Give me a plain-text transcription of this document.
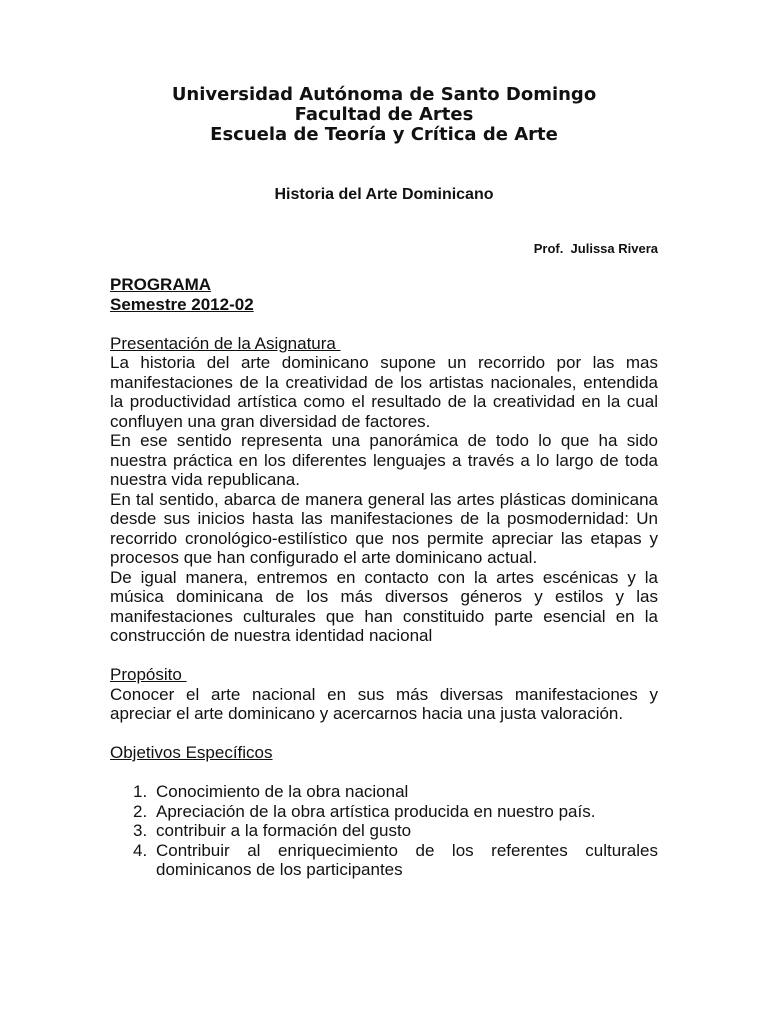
Universidad Autónoma de Santo Domingo
Facultad de Artes
Escuela de Teoría y Crítica de Arte
Historia del Arte Dominicano
Prof.  Julissa Rivera
PROGRAMA
Semestre 2012-02
Presentación de la Asignatura
La historia del arte dominicano supone un recorrido por las mas manifestaciones de la creatividad de los artistas nacionales, entendida la productividad artística como el resultado de la creatividad en la cual confluyen una gran diversidad de factores.
En ese sentido representa una panorámica de todo lo que ha sido nuestra práctica en los diferentes lenguajes a través a lo largo de toda nuestra vida republicana.
En tal sentido, abarca de manera general las artes plásticas dominicana desde sus inicios hasta las manifestaciones de la posmodernidad: Un recorrido cronológico-estilístico que nos permite apreciar las etapas y procesos que han configurado el arte dominicano actual.
De igual manera, entremos en contacto con la artes escénicas y la música dominicana de los más diversos géneros y estilos y las manifestaciones culturales que han constituido parte esencial en la construcción de nuestra identidad nacional
Propósito
Conocer el arte nacional en sus más diversas manifestaciones y apreciar el arte dominicano y acercarnos hacia una justa valoración.
Objetivos Específicos
1. Conocimiento de la obra nacional
2. Apreciación de la obra artística producida en nuestro país.
3. contribuir a la formación del gusto
4. Contribuir al enriquecimiento de los referentes culturales dominicanos de los participantes
